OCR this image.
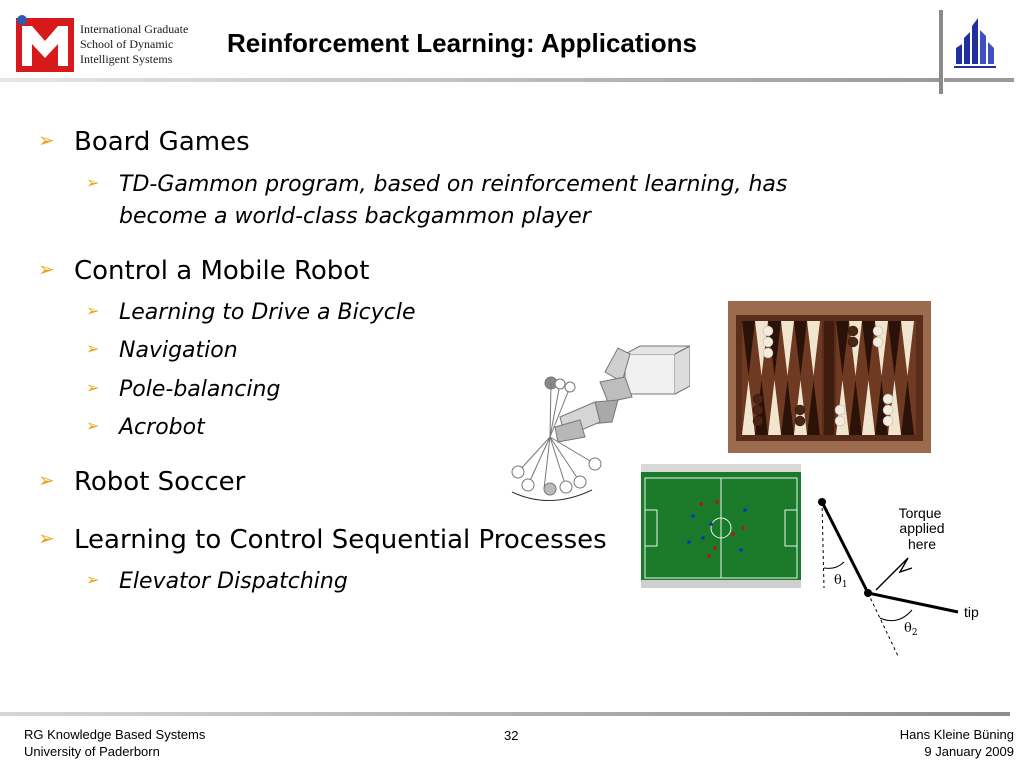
International Graduate
School of Dynamic
Intelligent Systems
Reinforcement Learning: Applications
➢ Board Games
➢ TD-Gammon program, based on reinforcement learning, has
become a world-class backgammon player
➢ Control a Mobile Robot
➢ Learning to Drive a Bicycle
➢ Navigation
➢ Pole-balancing
➢ Acrobot
➢ Robot Soccer
➢ Learning to Control Sequential Processes
➢ Elevator Dispatching
Torque
applied
here
$\theta_1$
$\theta_2$
tip
RG Knowledge Based Systems
University of Paderborn
32	Hans Kleine Büning
9 January 2009
